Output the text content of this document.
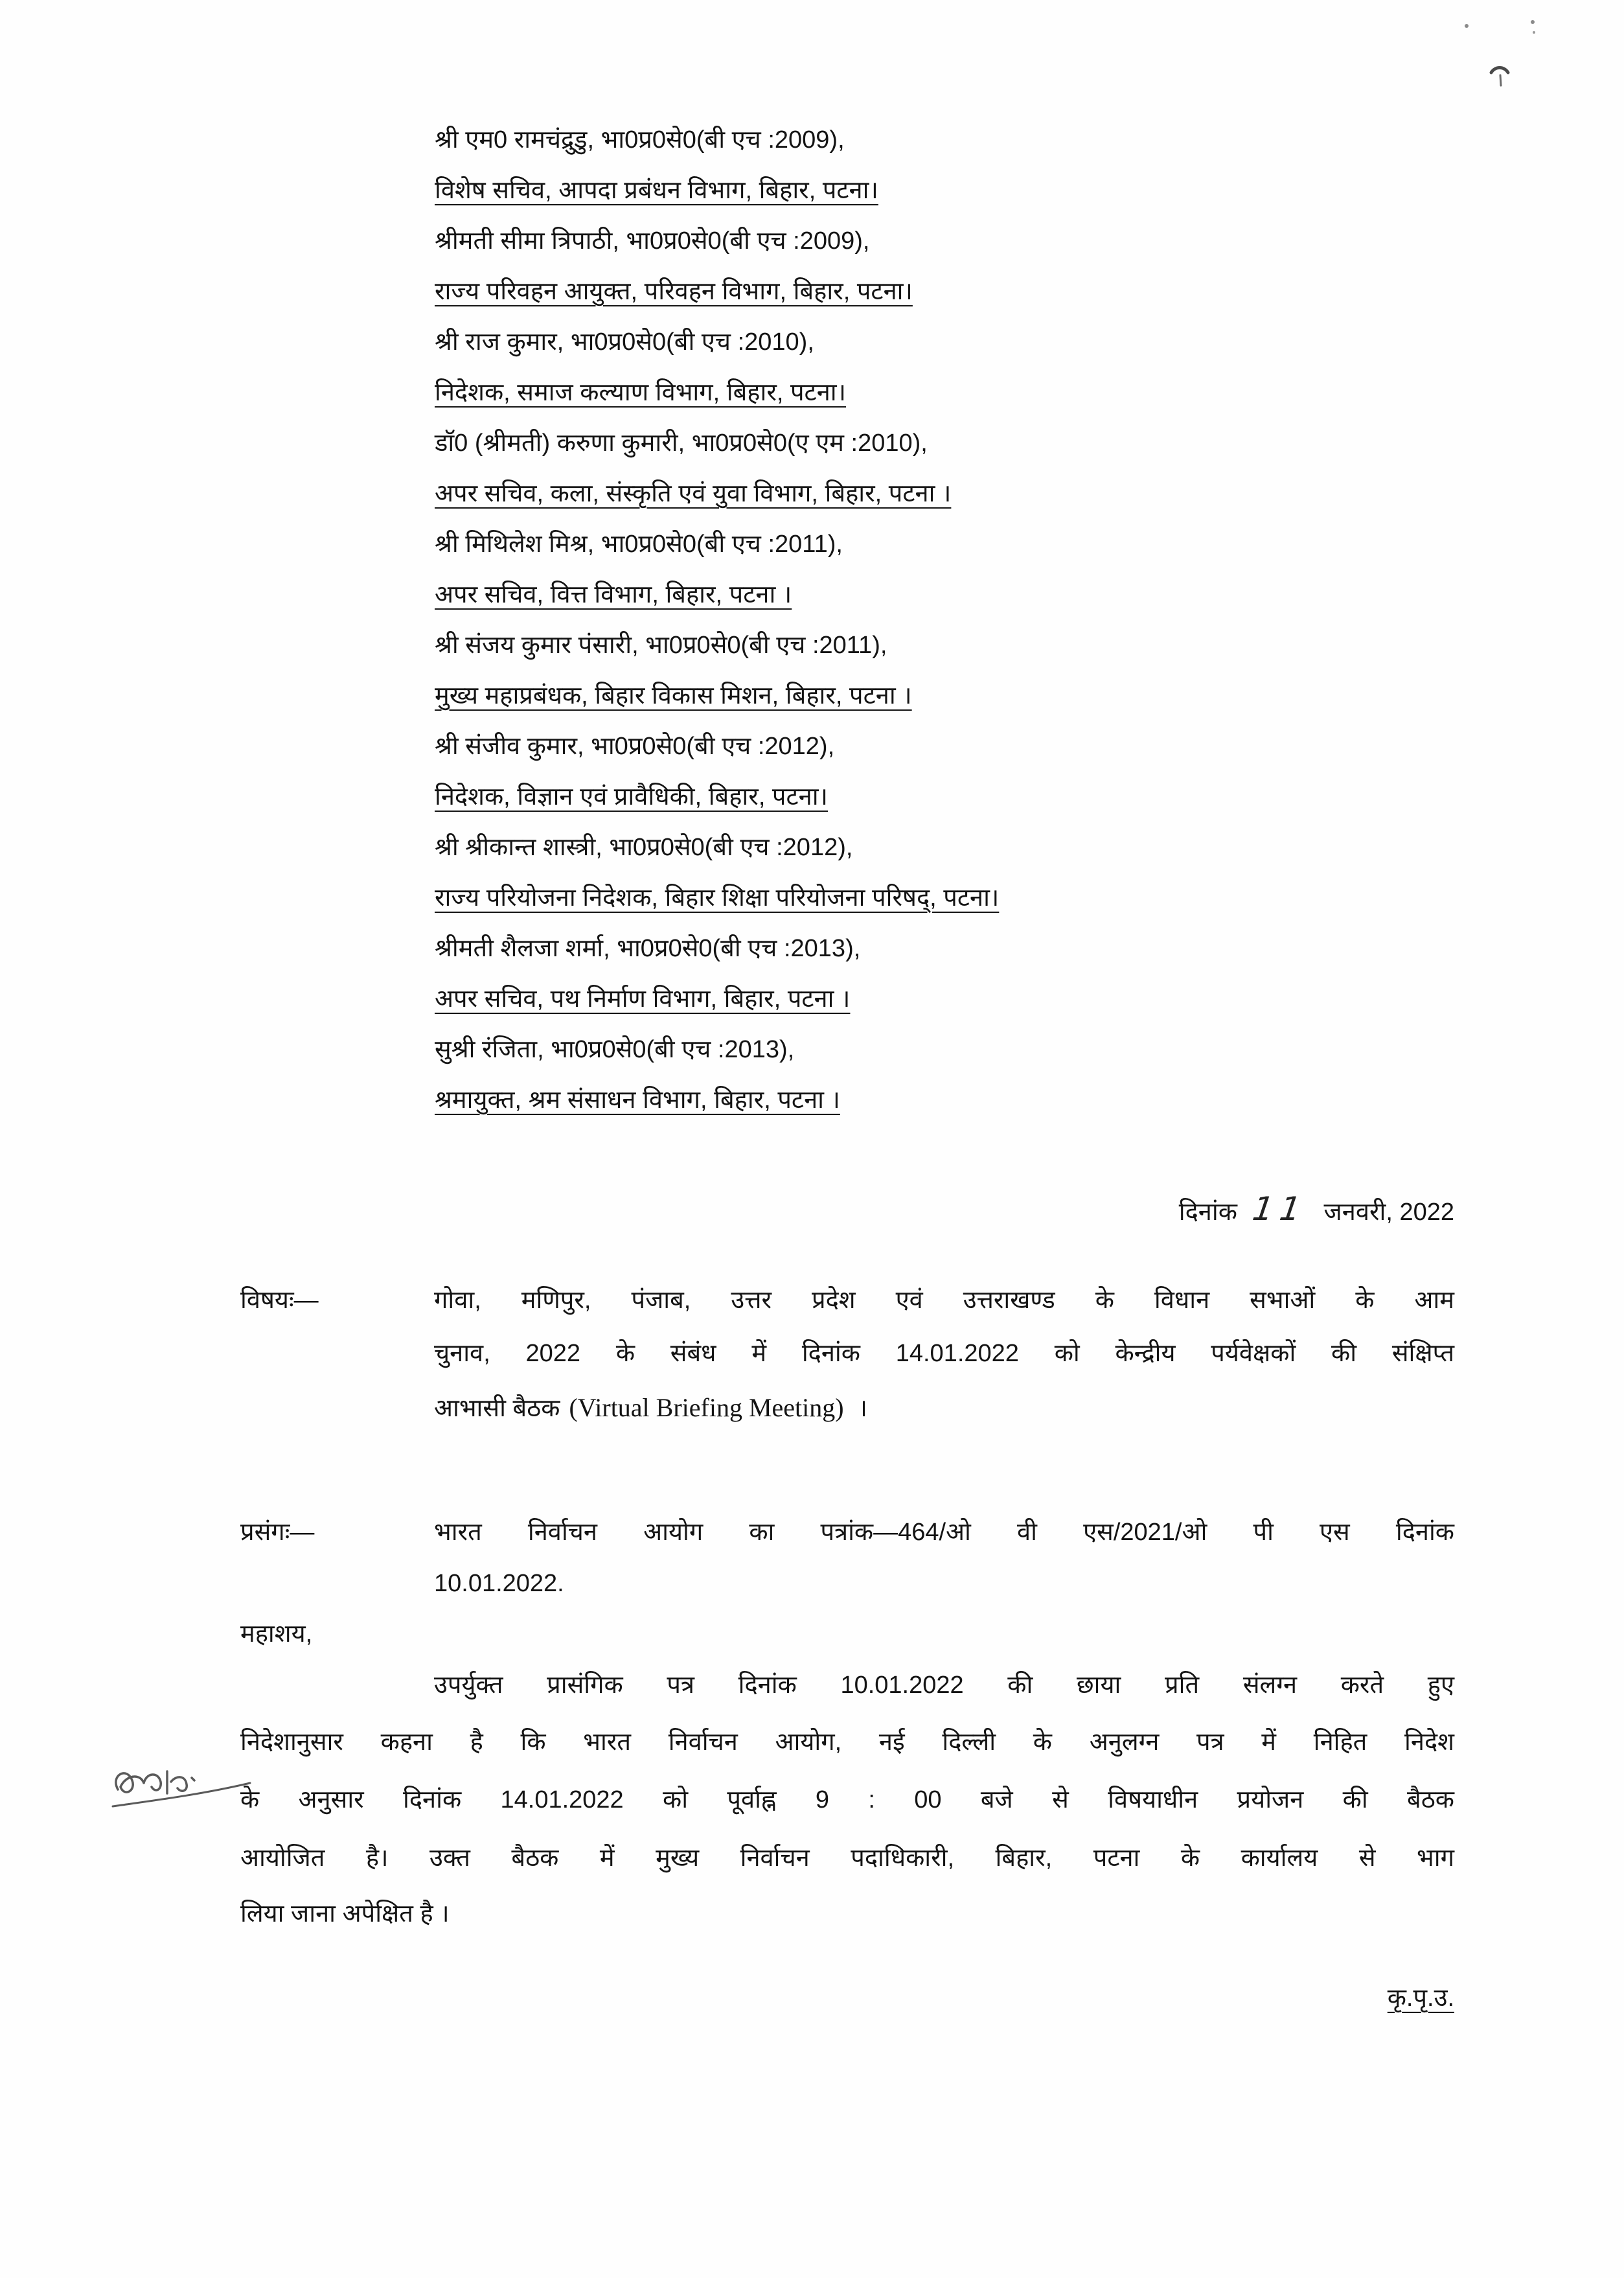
श्री एम0 रामचंद्रुडु, भा0प्र0से0(बी एच :2009),
विशेष सचिव, आपदा प्रबंधन विभाग, बिहार, पटना।
श्रीमती सीमा त्रिपाठी, भा0प्र0से0(बी एच :2009),
राज्य परिवहन आयुक्त, परिवहन विभाग, बिहार, पटना।
श्री राज कुमार, भा0प्र0से0(बी एच :2010),
निदेशक, समाज कल्याण विभाग, बिहार, पटना।
डॉ0 (श्रीमती) करुणा कुमारी, भा0प्र0से0(ए एम :2010),
अपर सचिव, कला, संस्कृति एवं युवा विभाग, बिहार, पटना ।
श्री मिथिलेश मिश्र, भा0प्र0से0(बी एच :2011),
अपर सचिव, वित्त विभाग, बिहार, पटना ।
श्री संजय कुमार पंसारी, भा0प्र0से0(बी एच :2011),
मुख्य महाप्रबंधक, बिहार विकास मिशन, बिहार, पटना ।
श्री संजीव कुमार, भा0प्र0से0(बी एच :2012),
निदेशक, विज्ञान एवं प्रावैधिकी, बिहार, पटना।
श्री श्रीकान्त शास्त्री, भा0प्र0से0(बी एच :2012),
राज्य परियोजना निदेशक, बिहार शिक्षा परियोजना परिषद्, पटना।
श्रीमती शैलजा शर्मा, भा0प्र0से0(बी एच :2013),
अपर सचिव, पथ निर्माण विभाग, बिहार, पटना ।
सुश्री रंजिता, भा0प्र0से0(बी एच :2013),
श्रमायुक्त, श्रम संसाधन विभाग, बिहार, पटना ।
दिनांक 11 जनवरी, 2022
विषयः—	गोवा, मणिपुर, पंजाब, उत्तर प्रदेश एवं उत्तराखण्ड के विधान सभाओं के आम
चुनाव, 2022 के संबंध में दिनांक 14.01.2022 को केन्द्रीय पर्यवेक्षकों की संक्षिप्त
आभासी बैठक (Virtual Briefing Meeting) ।
प्रसंगः—	भारत निर्वाचन आयोग का पत्रांक—464/ओ वी एस/2021/ओ पी एस दिनांक
10.01.2022.
महाशय,
उपर्युक्त प्रासंगिक पत्र दिनांक 10.01.2022 की छाया प्रति संलग्न करते हुए
निदेशानुसार कहना है कि भारत निर्वाचन आयोग, नई दिल्ली के अनुलग्न पत्र में निहित निदेश
के अनुसार दिनांक 14.01.2022 को पूर्वाह्न 9 : 00 बजे से विषयाधीन प्रयोजन की बैठक
आयोजित है। उक्त बैठक में मुख्य निर्वाचन पदाधिकारी, बिहार, पटना के कार्यालय से भाग
लिया जाना अपेक्षित है ।
कृ.पृ.उ.
